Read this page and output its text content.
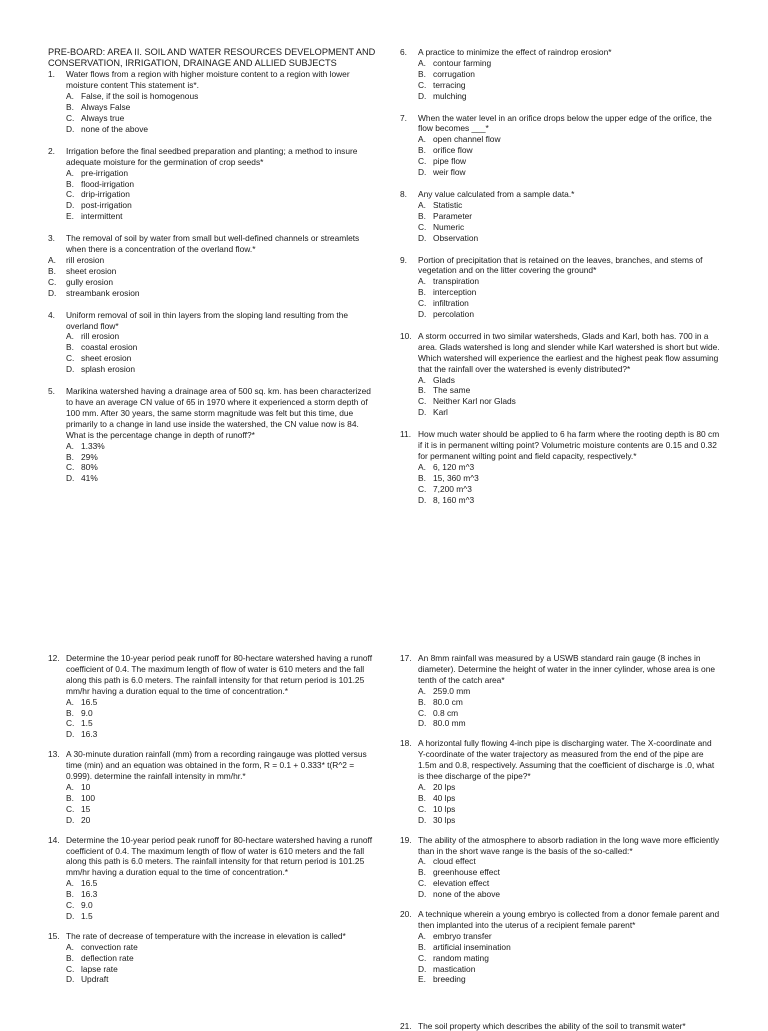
PRE-BOARD: AREA II. SOIL AND WATER RESOURCES DEVELOPMENT AND CONSERVATION, IRRIGATION, DRAINAGE AND ALLIED SUBJECTS
1.	Water flows from a region with higher moisture content to a region with lower moisture content This statement is*.
A. False, if the soil is homogenous
B. Always False
C. Always true
D. none of the above
2.	Irrigation before the final seedbed preparation and planting; a method to insure adequate moisture for the germination of crop seeds*
A. pre-irrigation
B. flood-irrigation
C. drip-irrigation
D. post-irrigation
E. intermittent
3.	The removal of soil by water from small but well-defined channels or streamlets when there is a concentration of the overland flow.*
A.	rill erosion
B.	sheet erosion
C.	gully erosion
D.	streambank erosion
4.	Uniform removal of soil in thin layers from the sloping land resulting from the overland flow*
A. rill erosion
B. coastal erosion
C. sheet erosion
D. splash erosion
5.	Marikina watershed having a drainage area of 500 sq. km. has been characterized to have an average CN value of 65 in 1970 where it experienced a storm depth of 100 mm. After 30 years, the same storm magnitude was felt but this time, due primarily to a change in land use inside the watershed, the CN value now is 84. What is the percentage change in depth of runoff?*
A. 1.33%
B. 29%
C. 80%
D. 41%
6.	A practice to minimize the effect of raindrop erosion*
A. contour farming
B. corrugation
C. terracing
D. mulching
7.	When the water level in an orifice drops below the upper edge of the orifice, the flow becomes ___*
A. open channel flow
B. orifice flow
C. pipe flow
D. weir flow
8.	Any value calculated from a sample data.*
A. Statistic
B. Parameter
C. Numeric
D. Observation
9.	Portion of precipitation that is retained on the leaves, branches, and stems of vegetation and on the litter covering the ground*
A. transpiration
B. interception
C. infiltration
D. percolation
10. A storm occurred in two similar watersheds, Glads and Karl, both has. 700 in a area. Glads watershed is long and slender while Karl watershed is short but wide. Which watershed will experience the earliest and the highest peak flow assuming that the rainfall over the watershed is evenly distributed?*
A. Glads
B. The same
C. Neither Karl nor Glads
D. Karl
11. How much water should be applied to 6 ha farm where the rooting depth is 80 cm if it is in permanent wilting point? Volumetric moisture contents are 0.15 and 0.32 for permanent wilting point and field capacity, respectively.*
A. 6, 120 m^3
B. 15, 360 m^3
C. 7,200 m^3
D. 8, 160 m^3
12. Determine the 10-year period peak runoff for 80-hectare watershed having a runoff coefficient of 0.4. The maximum length of flow of water is 610 meters and the fall along this path is 6.0 meters. The rainfall intensity for that return period is 101.25 mm/hr having a duration equal to the time of concentration.*
A. 16.5
B. 9.0
C. 1.5
D. 16.3
13. A 30-minute duration rainfall (mm) from a recording raingauge was plotted versus time (min) and an equation was obtained in the form, R = 0.1 + 0.333* t(R^2 = 0.999). determine the rainfall intensity in mm/hr.*
A. 10
B. 100
C. 15
D. 20
14. Determine the 10-year period peak runoff for 80-hectare watershed having a runoff coefficient of 0.4. The maximum length of flow of water is 610 meters and the fall along this path is 6.0 meters. The rainfall intensity for that return period is 101.25 mm/hr having a duration equal to the time of concentration.*
A. 16.5
B. 16.3
C. 9.0
D. 1.5
15. The rate of decrease of temperature with the increase in elevation is called*
A. convection rate
B. deflection rate
C. lapse rate
D. Updraft
17. An 8mm rainfall was measured by a USWB standard rain gauge (8 inches in diameter). Determine the height of water in the inner cylinder, whose area is one tenth of the catch area*
A. 259.0 mm
B. 80.0 cm
C. 0.8 cm
D. 80.0 mm
18. A horizontal fully flowing 4-inch pipe is discharging water. The X-coordinate and Y-coordinate of the water trajectory as measured from the end of the pipe are 1.5m and 0.8, respectively. Assuming that the coefficient of discharge is .0, what is thee discharge of the pipe?*
A. 20 lps
B. 40 lps
C. 10 lps
D. 30 lps
19. The ability of the atmosphere to absorb radiation in the long wave more efficiently than in the short wave range is the basis of the so-called:*
A. cloud effect
B. greenhouse effect
C. elevation effect
D. none of the above
20. A technique wherein a young embryo is collected from a donor female parent and then implanted into the uterus of a recipient female parent*
A. embryo transfer
B. artificial insemination
C. random mating
D. mastication
E. breeding
21. The soil property which describes the ability of the soil to transmit water*
